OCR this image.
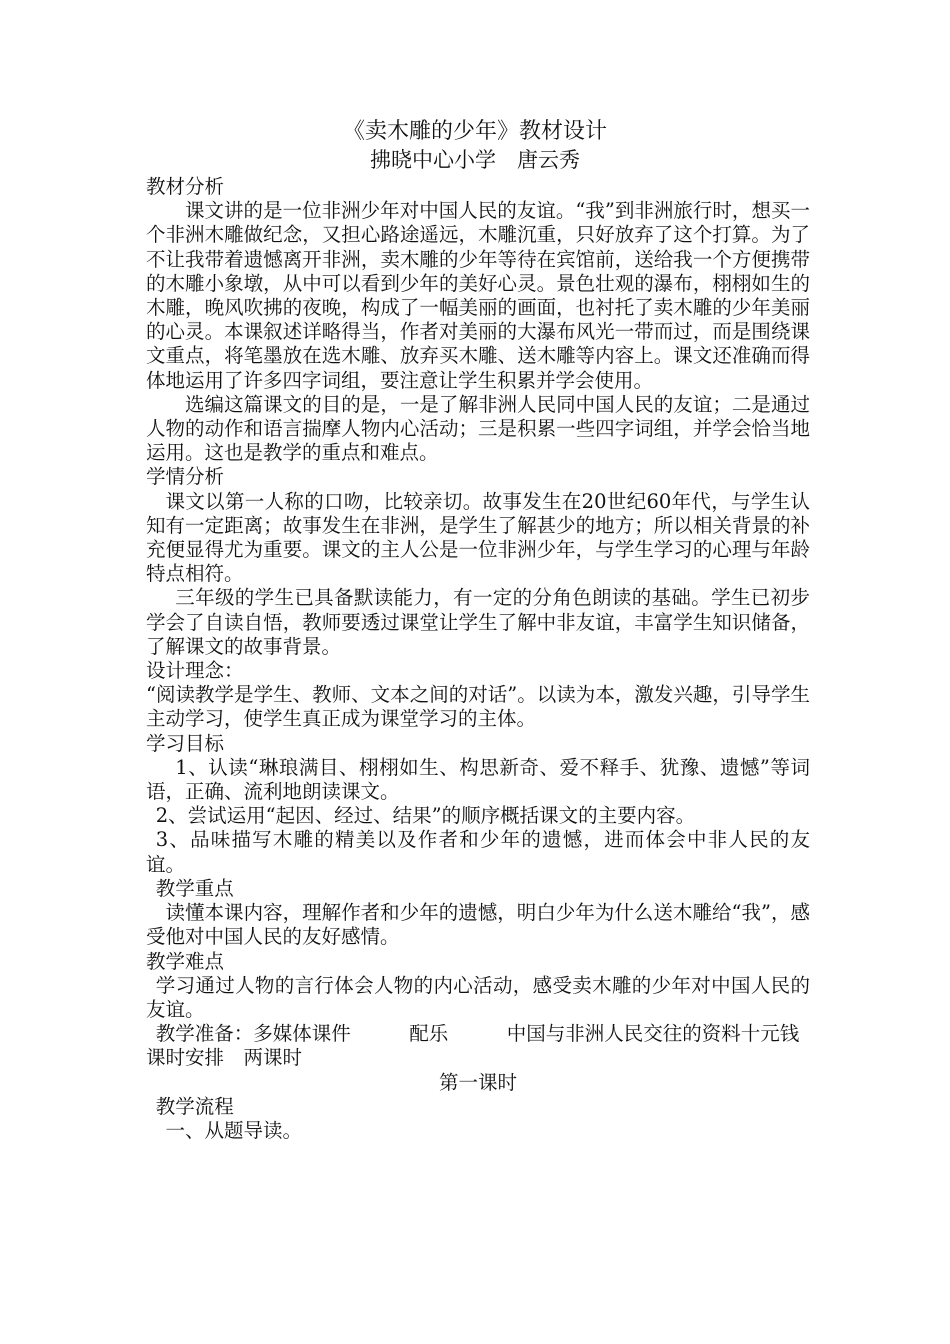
《卖木雕的少年》教材设计
拂晓中心小学　唐云秀

教材分析

课文讲的是一位非洲少年对中国人民的友谊。“我”到非洲旅行时，想买一个非洲木雕做纪念，又担心路途遥远，木雕沉重，只好放弃了这个打算。为了不让我带着遗憾离开非洲，卖木雕的少年等待在宾馆前，送给我一个方便携带的木雕小象墩，从中可以看到少年的美好心灵。景色壮观的瀑布，栩栩如生的木雕，晚风吹拂的夜晚，构成了一幅美丽的画面，也衬托了卖木雕的少年美丽的心灵。本课叙述详略得当，作者对美丽的大瀑布风光一带而过，而是围绕课文重点，将笔墨放在选木雕、放弃买木雕、送木雕等内容上。课文还准确而得体地运用了许多四字词组，要注意让学生积累并学会使用。

选编这篇课文的目的是，一是了解非洲人民同中国人民的友谊；二是通过人物的动作和语言揣摩人物内心活动；三是积累一些四字词组，并学会恰当地运用。这也是教学的重点和难点。

学情分析

课文以第一人称的口吻，比较亲切。故事发生在20世纪60年代，与学生认知有一定距离；故事发生在非洲，是学生了解甚少的地方；所以相关背景的补充便显得尤为重要。课文的主人公是一位非洲少年，与学生学习的心理与年龄特点相符。

三年级的学生已具备默读能力，有一定的分角色朗读的基础。学生已初步学会了自读自悟，教师要透过课堂让学生了解中非友谊，丰富学生知识储备，了解课文的故事背景。

设计理念：

“阅读教学是学生、教师、文本之间的对话”。以读为本，激发兴趣，引导学生主动学习，使学生真正成为课堂学习的主体。

学习目标

1、认读“琳琅满目、栩栩如生、构思新奇、爱不释手、犹豫、遗憾”等词语，正确、流利地朗读课文。

2、尝试运用“起因、经过、结果”的顺序概括课文的主要内容。

3、品味描写木雕的精美以及作者和少年的遗憾，进而体会中非人民的友谊。

教学重点

读懂本课内容，理解作者和少年的遗憾，明白少年为什么送木雕给“我”，感受他对中国人民的友好感情。

教学难点

学习通过人物的言行体会人物的内心活动，感受卖木雕的少年对中国人民的友谊。

教学准备：多媒体课件　　　配乐　　　中国与非洲人民交往的资料十元钱

课时安排　两课时

第一课时

教学流程

一、从题导读。
